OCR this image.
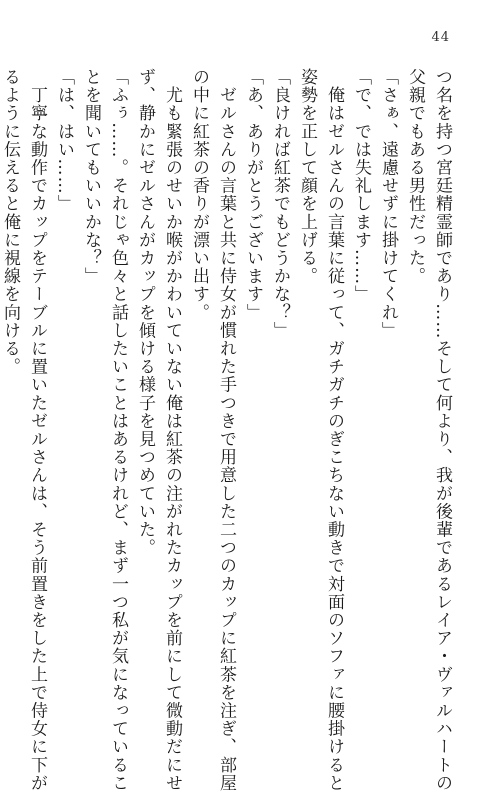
44
つ名を持つ宮廷精霊師であり……そして何より、我が後輩であるレイア・ヴァルハートの
父親でもある男性だった。
「さぁ、遠慮せずに掛けてくれ」
「で、では失礼します……」
　俺はゼルさんの言葉に従って、ガチガチのぎこちない動きで対面のソファに腰掛けると
姿勢を正して顔を上げる。
「良ければ紅茶でもどうかな？」
「あ、ありがとうございます」
　ゼルさんの言葉と共に侍女が慣れた手つきで用意した二つのカップに紅茶を注ぎ、部屋
の中に紅茶の香りが漂い出す。
　尤も緊張のせいか喉がかわいていない俺は紅茶の注がれたカップを前にして微動だにせ
ず、静かにゼルさんがカップを傾ける様子を見つめていた。
「ふぅ……。それじゃ色々と話したいことはあるけれど、まず一つ私が気になっているこ
とを聞いてもいいかな？」
「は、はい……」
　丁寧な動作でカップをテーブルに置いたゼルさんは、そう前置きをした上で侍女に下が
るように伝えると俺に視線を向ける。
